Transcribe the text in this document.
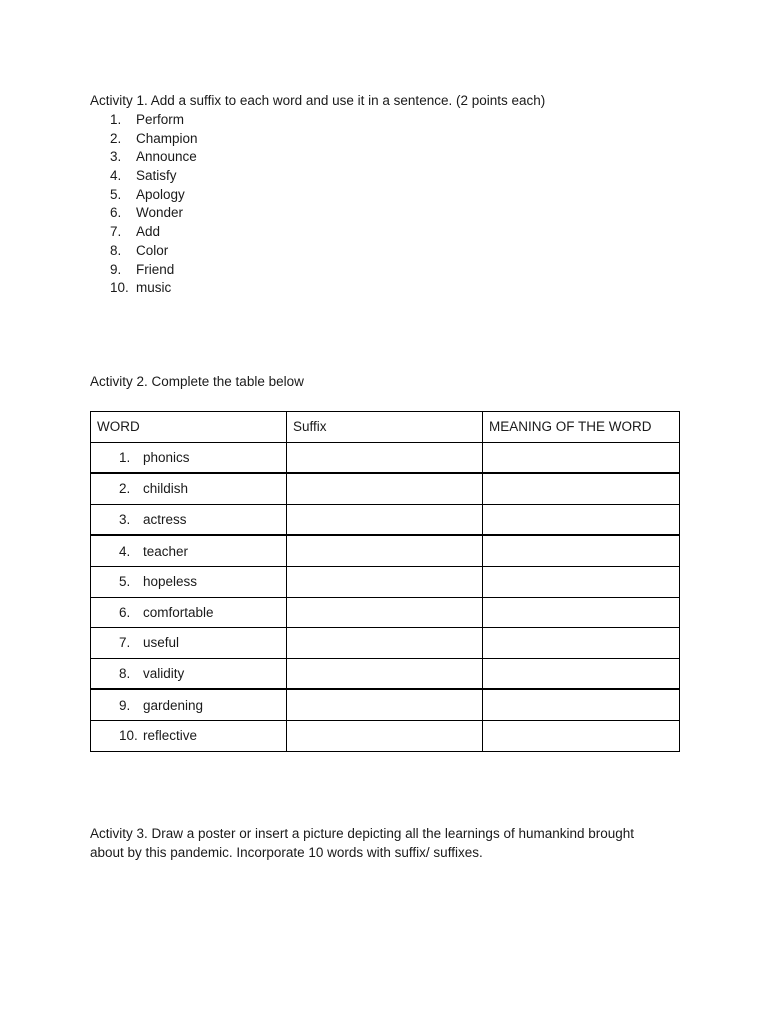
Activity 1. Add a suffix to each word and use it in a sentence. (2 points each)

1.	Perform
2.	Champion
3.	Announce
4.	Satisfy
5.	Apology
6.	Wonder
7.	Add
8.	Color
9.	Friend
10. music

Activity 2. Complete the table below

WORD	Suffix	MEANING OF THE WORD
1. phonics		
2. childish		
3. actress		
4. teacher		
5. hopeless		
6. comfortable		
7. useful		
8. validity		
9. gardening		
10. reflective		

Activity 3. Draw a poster or insert a picture depicting all the learnings of humankind brought about by this pandemic. Incorporate 10 words with suffix/ suffixes.
